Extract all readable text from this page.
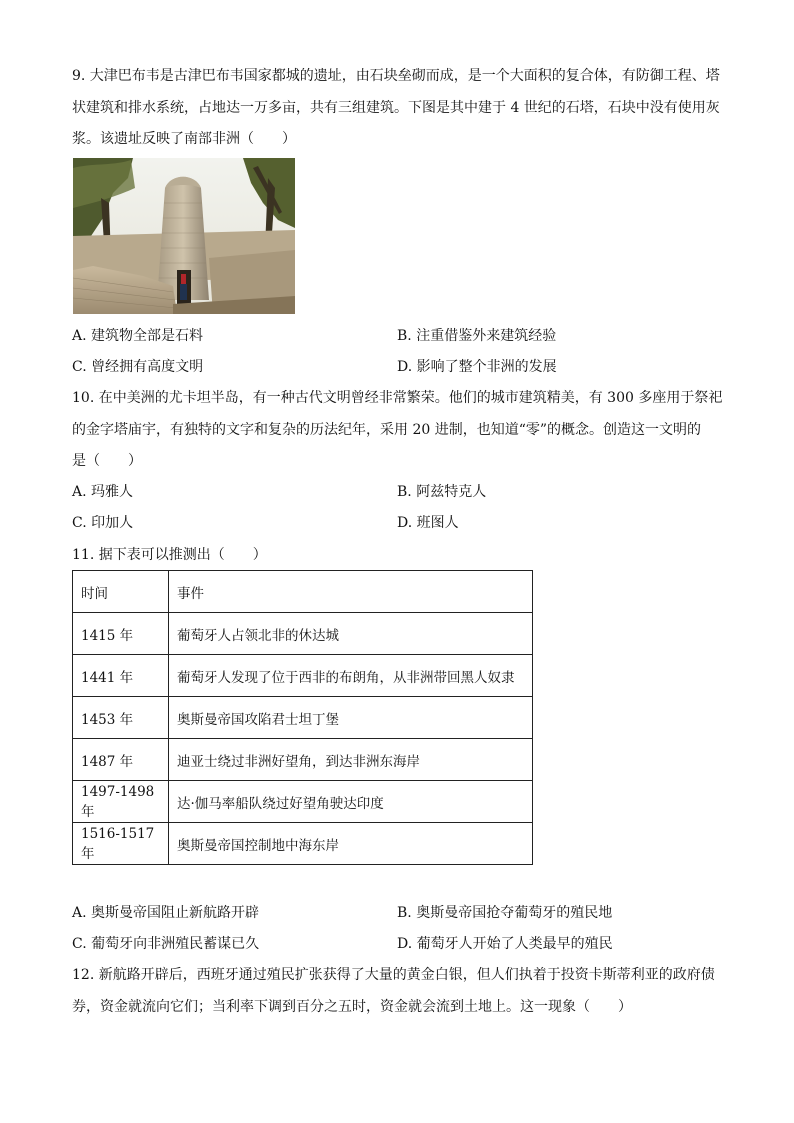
9. 大津巴布韦是古津巴布韦国家都城的遗址，由石块垒砌而成，是一个大面积的复合体，有防御工程、塔
状建筑和排水系统，占地达一万多亩，共有三组建筑。下图是其中建于 4 世纪的石塔，石块中没有使用灰
浆。该遗址反映了南部非洲（　　）
A. 建筑物全部是石料	B. 注重借鉴外来建筑经验
C. 曾经拥有高度文明	D. 影响了整个非洲的发展
10. 在中美洲的尤卡坦半岛，有一种古代文明曾经非常繁荣。他们的城市建筑精美，有 300 多座用于祭祀
的金字塔庙宇，有独特的文字和复杂的历法纪年，采用 20 进制，也知道“零”的概念。创造这一文明的
是（　　）
A. 玛雅人	B. 阿兹特克人
C. 印加人	D. 班图人
11. 据下表可以推测出（　　）
时间	事件
1415 年	葡萄牙人占领北非的休达城
1441 年	葡萄牙人发现了位于西非的布朗角，从非洲带回黑人奴隶
1453 年	奥斯曼帝国攻陷君士坦丁堡
1487 年	迪亚士绕过非洲好望角，到达非洲东海岸
1497-1498 年	达·伽马率船队绕过好望角驶达印度
1516-1517 年	奥斯曼帝国控制地中海东岸
A. 奥斯曼帝国阻止新航路开辟	B. 奥斯曼帝国抢夺葡萄牙的殖民地
C. 葡萄牙向非洲殖民蓄谋已久	D. 葡萄牙人开始了人类最早的殖民
12. 新航路开辟后，西班牙通过殖民扩张获得了大量的黄金白银，但人们执着于投资卡斯蒂利亚的政府债
券，资金就流向它们；当利率下调到百分之五时，资金就会流到土地上。这一现象（　　）
